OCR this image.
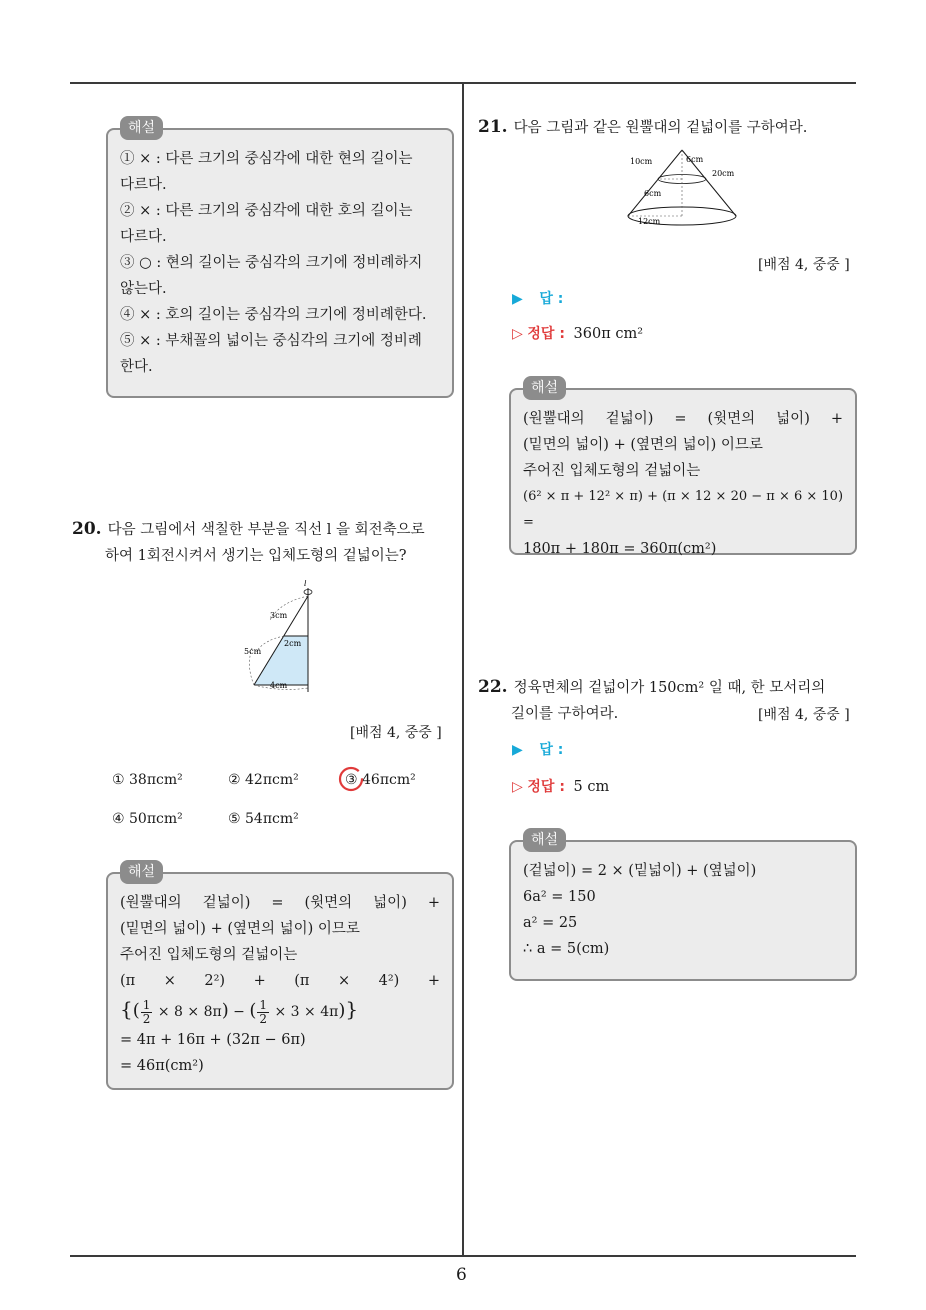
6
해설
① × : 다른 크기의 중심각에 대한 현의 길이는
다르다.
② × : 다른 크기의 중심각에 대한 호의 길이는
다르다.
③ ○ : 현의 길이는 중심각의 크기에 정비례하지
않는다.
④ × : 호의 길이는 중심각의 크기에 정비례한다.
⑤ × : 부채꼴의 넓이는 중심각의 크기에 정비례
한다.
20. 다음 그림에서 색칠한 부분을 직선 l 을 회전축으로
하여 1회전시켜서 생기는 입체도형의 겉넓이는?
l
3cm
2cm
5cm
4cm
[배점 4, 중중 ]
① 38πcm²	② 42πcm²	③ 46πcm²
④ 50πcm²	⑤ 54πcm²
해설
(원뿔대의 겉넓이) = (윗면의 넓이) +
(밑면의 넓이) + (옆면의 넓이) 이므로
주어진 입체도형의 겉넓이는
(π × 2²) + (π × 4²) +
{( $\frac{1}{2} \times 8 \times 8\pi$) − ( $\frac{1}{2} \times 3 \times 4\pi$)}
= 4π + 16π + (32π − 6π)
= 46π(cm²)
21. 다음 그림과 같은 원뿔대의 겉넓이를 구하여라.
10cm	6cm
20cm
6cm
12cm
[배점 4, 중중 ]
▶ 답 :
▷ 정답 : 360π cm²
해설
(원뿔대의 겉넓이) = (윗면의 넓이) +
(밑면의 넓이) + (옆면의 넓이) 이므로
주어진 입체도형의 겉넓이는
(6² × π + 12² × π) + (π × 12 × 20 − π × 6 × 10) =
180π + 180π = 360π(cm²)
22. 정육면체의 겉넓이가 150cm² 일 때, 한 모서리의
길이를 구하여라.	[배점 4, 중중 ]
▶ 답 :
▷ 정답 : 5 cm
해설
(겉넓이) = 2 × (밑넓이) + (옆넓이)
6a² = 150
a² = 25
∴ a = 5(cm)
